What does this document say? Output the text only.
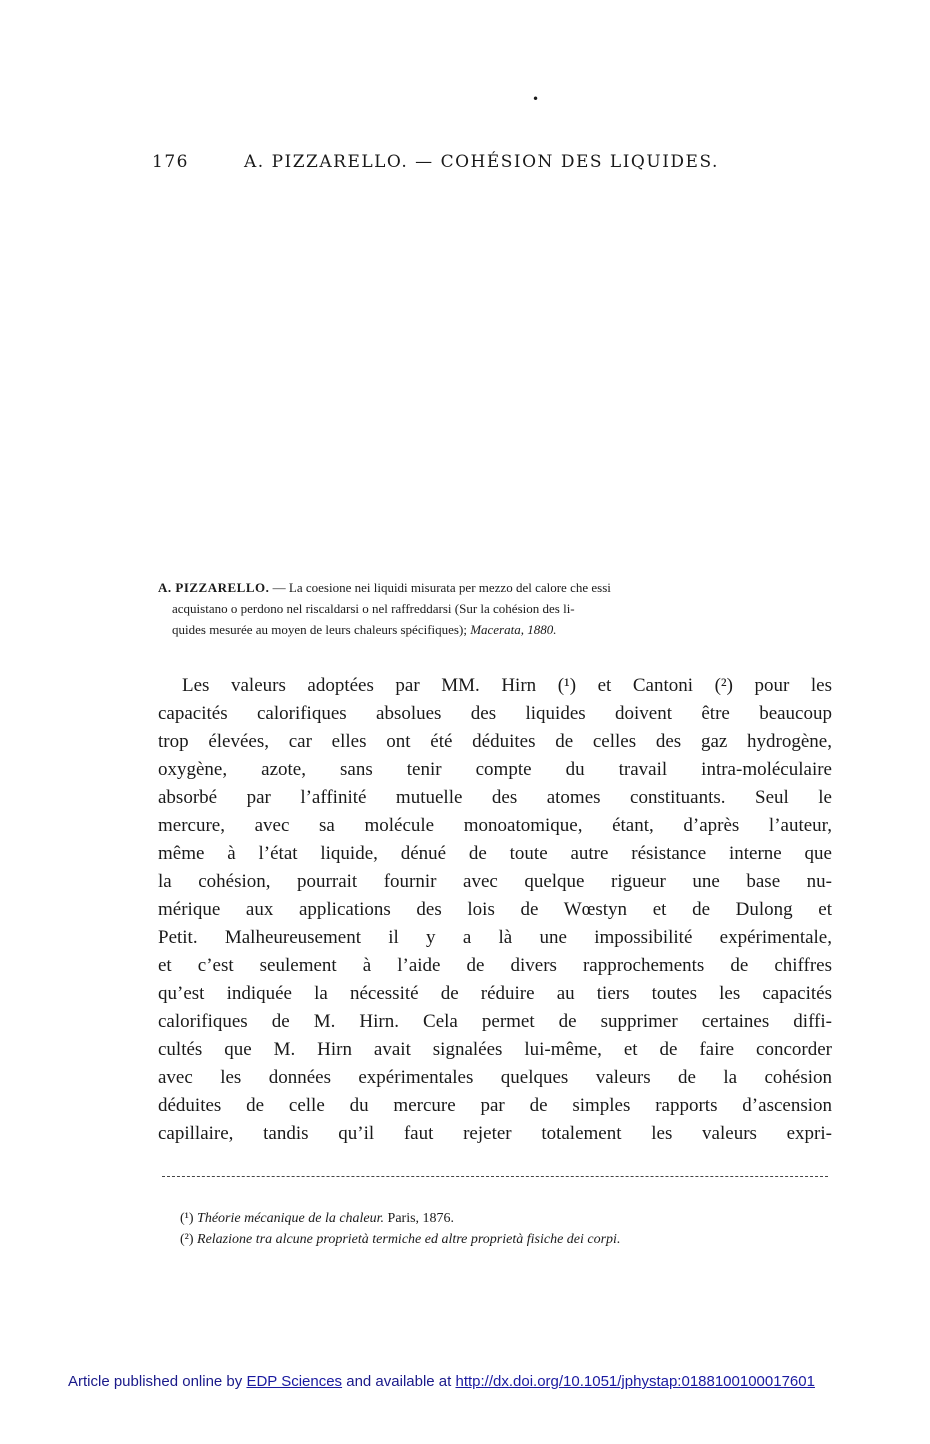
•
176	A. PIZZARELLO. — COHÉSION DES LIQUIDES.
A. PIZZARELLO. — La coesione nei liquidi misurata per mezzo del calore che essi
acquistano o perdono nel riscaldarsi o nel raffreddarsi (Sur la cohésion des li-
quides mesurée au moyen de leurs chaleurs spécifiques); Macerata, 1880.
Les valeurs adoptées par MM. Hirn (¹) et Cantoni (²) pour les
capacités calorifiques absolues des liquides doivent être beaucoup
trop élevées, car elles ont été déduites de celles des gaz hydrogène,
oxygène, azote, sans tenir compte du travail intra-moléculaire
absorbé par l’affinité mutuelle des atomes constituants. Seul le
mercure, avec sa molécule monoatomique, étant, d’après l’auteur,
même à l’état liquide, dénué de toute autre résistance interne que
la cohésion, pourrait fournir avec quelque rigueur une base nu-
mérique aux applications des lois de Wœstyn et de Dulong et
Petit. Malheureusement il y a là une impossibilité expérimentale,
et c’est seulement à l’aide de divers rapprochements de chiffres
qu’est indiquée la nécessité de réduire au tiers toutes les capacités
calorifiques de M. Hirn. Cela permet de supprimer certaines diffi-
cultés que M. Hirn avait signalées lui-même, et de faire concorder
avec les données expérimentales quelques valeurs de la cohésion
déduites de celle du mercure par de simples rapports d’ascension
capillaire, tandis qu’il faut rejeter totalement les valeurs expri-
(¹) Théorie mécanique de la chaleur. Paris, 1876.
(²) Relazione tra alcune proprietà termiche ed altre proprietà fisiche dei corpi.
Article published online by EDP Sciences and available at http://dx.doi.org/10.1051/jphystap:0188100100017601
